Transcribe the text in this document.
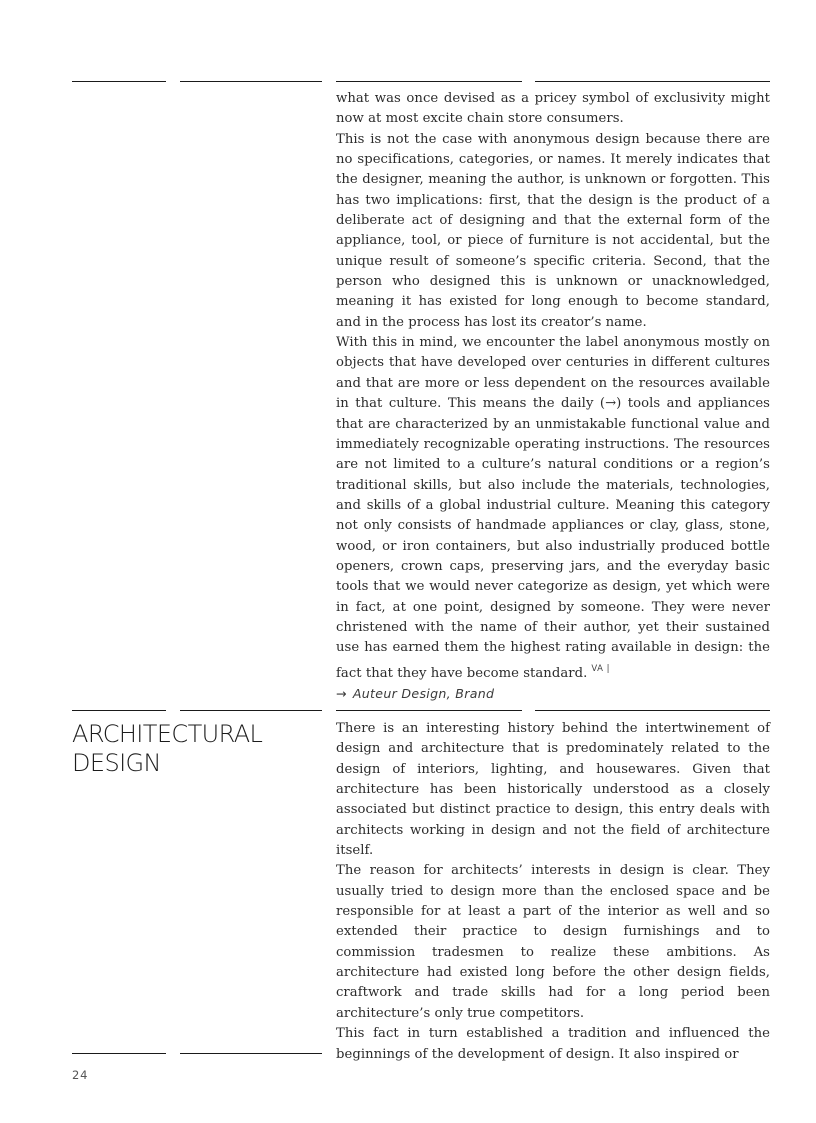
what was once devised as a pricey symbol of exclusivity might now at most excite chain store consumers.

This is not the case with anonymous design because there are no specifications, categories, or names. It merely indicates that the designer, meaning the author, is unknown or forgotten. This has two implications: first, that the design is the product of a deliberate act of designing and that the external form of the appliance, tool, or piece of furniture is not accidental, but the unique result of someone’s specific criteria. Second, that the person who designed this is unknown or unacknowledged, meaning it has existed for long enough to become standard, and in the process has lost its creator’s name.

With this in mind, we encounter the label anonymous mostly on objects that have developed over centuries in different cultures and that are more or less dependent on the resources available in that culture. This means the daily (→) tools and appliances that are characterized by an unmistakable functional value and immediately recognizable operating instructions. The resources are not limited to a culture’s natural conditions or a region’s traditional skills, but also include the materials, technologies, and skills of a global industrial culture. Meaning this category not only consists of handmade appliances or clay, glass, stone, wood, or iron containers, but also industrially produced bottle openers, crown caps, preserving jars, and the everyday basic tools that we would never categorize as design, yet which were in fact, at one point, designed by someone. They were never christened with the name of their author, yet their sustained use has earned them the highest rating available in design: the fact that they have become standard. $^{VA |}$

→ Auteur Design, Brand

ARCHITECTURAL
DESIGN

There is an interesting history behind the intertwinement of design and architecture that is predominately related to the design of interiors, lighting, and housewares. Given that architecture has been historically understood as a closely associated but distinct practice to design, this entry deals with architects working in design and not the field of architecture itself.

The reason for architects’ interests in design is clear. They usually tried to design more than the enclosed space and be responsible for at least a part of the interior as well and so extended their practice to design furnishings and to commission tradesmen to realize these ambitions. As architecture had existed long before the other design fields, craftwork and trade skills had for a long period been architecture’s only true competitors.

This fact in turn established a tradition and influenced the beginnings of the development of design. It also inspired or

24
